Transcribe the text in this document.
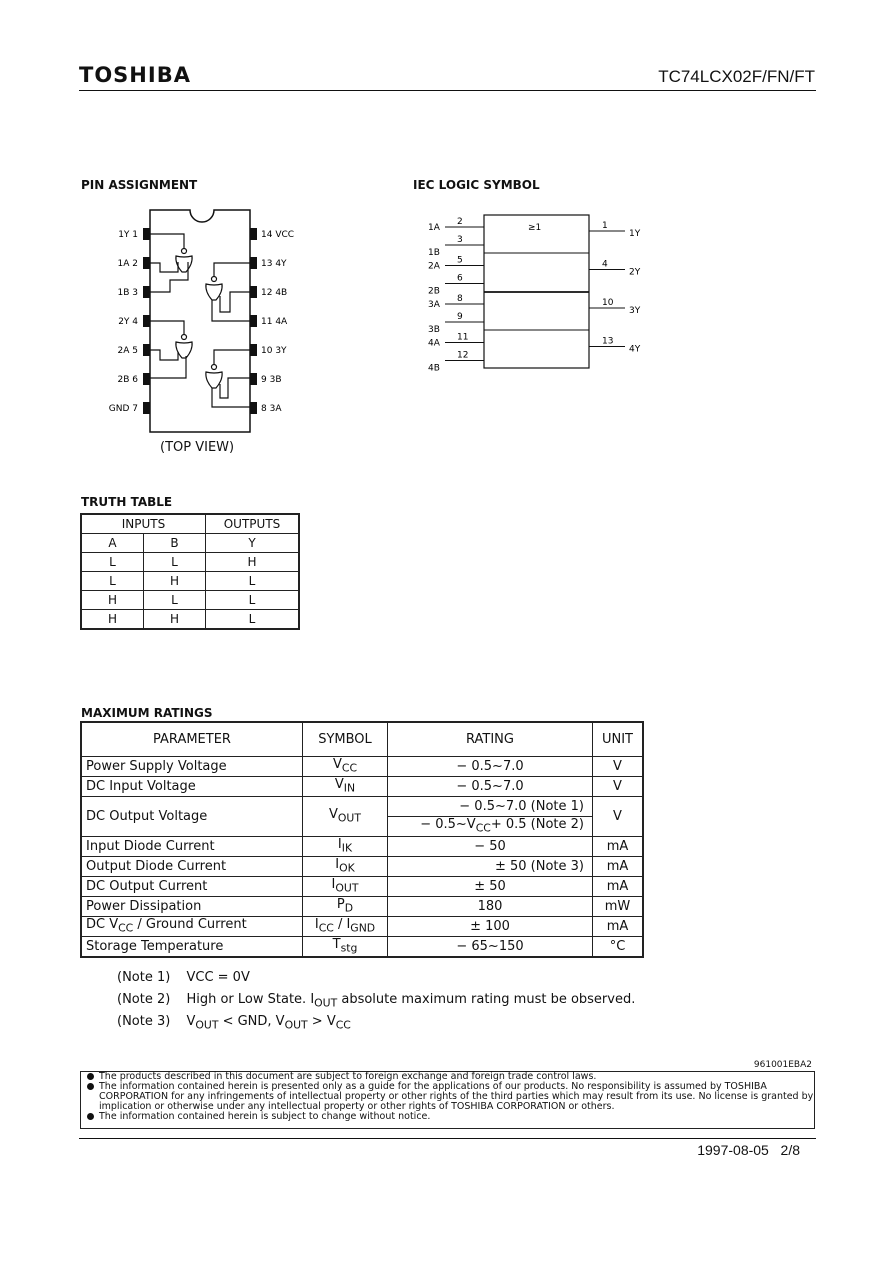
TOSHIBA	TC74LCX02F/FN/FT
PIN ASSIGNMENT	IEC LOGIC SYMBOL
1Y 1
1A 2
1B 3
2Y 4
2A 5
2B 6
GND 7
14 VCC
13 4Y
12 4B
11 4A
10 3Y
9 3B
8 3A
(TOP VIEW)
≥1
1A
2
1B
3
1
1Y
2A
5
2B
6
4
2Y
3A
8
3B
9
10
3Y
4A
11
4B
12
13
4Y
TRUTH TABLE
INPUTS		OUTPUTS
A	B	Y
L	L	H
L	H	L
H	L	L
H	H	L
MAXIMUM RATINGS
PARAMETER	SYMBOL	RATING	UNIT
Power Supply Voltage	$V_{CC}$	− 0.5~7.0	V
DC Input Voltage	$V_{IN}$	− 0.5~7.0	V
DC Output Voltage	$V_{OUT}$	− 0.5~7.0 (Note 1)	V
		− $0.5\sim V_{CC}+ 0.5$ (Note 2)	
Input Diode Current	$I_{IK}$	− 50	mA
Output Diode Current	$I_{OK}$	± 50 (Note 3)	mA
DC Output Current	$I_{OUT}$	± 50	mA
Power Dissipation	$P_D$	180	mW
DC $V_{CC}$ / Ground Current	$I_{CC} / I_{GND}$	± 100	mA
Storage Temperature	$T_{stg}$	− 65~150	°C
(Note 1) VCC = 0V
(Note 2) High or Low State. $I_{OUT}$ absolute maximum rating must be observed.
(Note 3) $V_{OUT}$ < GND, $V_{OUT} > V_{CC}$
961001EBA2

The products described in this document are subject to foreign exchange and foreign trade control laws.

The information contained herein is presented only as a guide for the applications of our products. No responsibility is assumed by TOSHIBA CORPORATION for any infringements of intellectual property or other rights of the third parties which may result from its use. No license is granted by implication or otherwise under any intellectual property or other rights of TOSHIBA CORPORATION or others.

The information contained herein is subject to change without notice.

1997-08-05 2/8
